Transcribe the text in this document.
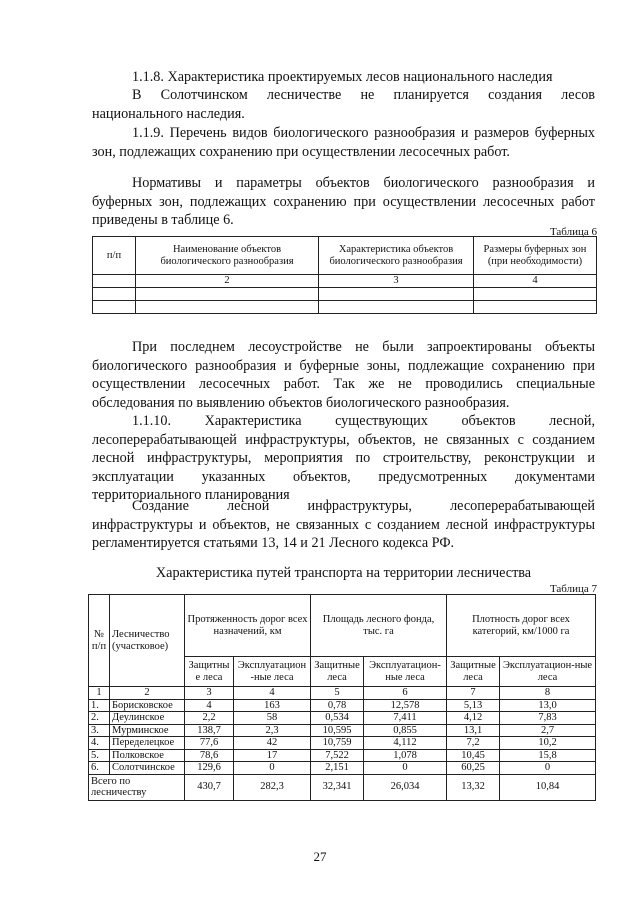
1.1.8. Характеристика проектируемых лесов национального наследия
В Солотчинском лесничестве не планируется создания лесов национального наследия.
1.1.9. Перечень видов биологического разнообразия и размеров буферных зон, подлежащих сохранению при осуществлении лесосечных работ.
Нормативы и параметры объектов биологического разнообразия и буферных зон, подлежащих сохранению при осуществлении лесосечных работ приведены в таблице 6.
Таблица 6
п/п	Наименование объектов биологического разнообразия	Характеристика объектов биологического разнообразия	Размеры буферных зон (при необходимости)
	2	3	4

При последнем лесоустройстве не были запроектированы объекты биологического разнообразия и буферные зоны, подлежащие сохранению при осуществлении лесосечных работ. Так же не проводились специальные обследования по выявлению объектов биологического разнообразия.
1.1.10. Характеристика существующих объектов лесной, лесоперерабатывающей инфраструктуры, объектов, не связанных с созданием лесной инфраструктуры, мероприятия по строительству, реконструкции и эксплуатации указанных объектов, предусмотренных документами территориального планирования
Создание лесной инфраструктуры, лесоперерабатывающей инфраструктуры и объектов, не связанных с созданием лесной инфраструктуры регламентируется статьями 13, 14 и 21 Лесного кодекса РФ.
Характеристика путей транспорта на территории лесничества
Таблица 7
№ п/п	Лесничество (участковое)	Протяженность дорог всех назначений, км		Площадь лесного фонда, тыс. га		Плотность дорог всех категорий, км/1000 га	
		Защитны е леса	Эксплуатацион -ные леса	Защитные леса	Эксплуатацион-ные леса	Защитные леса	Эксплуатацион-ные леса
1	2	3	4	5	6	7	8
1.	Борисковское	4	163	0,78	12,578	5,13	13,0
2.	Деулинское	2,2	58	0,534	7,411	4,12	7,83
3.	Мурминское	138,7	2,3	10,595	0,855	13,1	2,7
4.	Переделецкое	77,6	42	10,759	4,112	7,2	10,2
5.	Полковское	78,6	17	7,522	1,078	10,45	15,8
6.	Солотчинское	129,6	0	2,151	0	60,25	0
Всего по лесничеству		430,7	282,3	32,341	26,034	13,32	10,84
27
